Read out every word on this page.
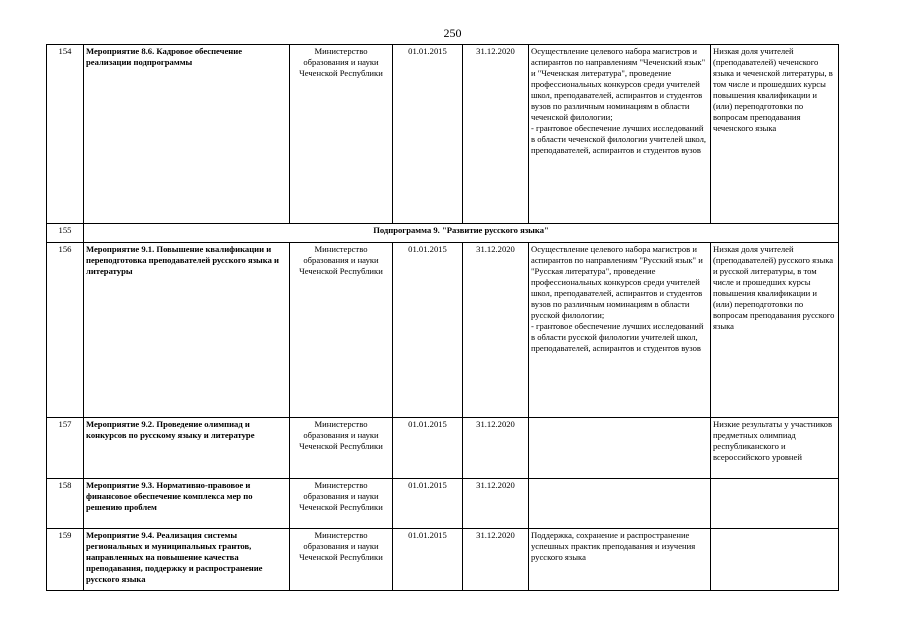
250
154	Мероприятие 8.6. Кадровое обеспечение реализации подпрограммы	Министерство образования и науки Чеченской Республики	01.01.2015	31.12.2020	Осуществление целевого набора магистров и аспирантов по направлениям "Чеченский язык" и "Чеченская литература", проведение профессиональных конкурсов среди учителей школ, преподавателей, аспирантов и студентов вузов по различным номинациям в области чеченской филологии;
- грантовое обеспечение лучших исследований в области чеченской филологии учителей школ, преподавателей, аспирантов и студентов вузов	Низкая доля учителей (преподавателей) чеченского языка и чеченской литературы, в том числе и прошедших курсы повышения квалификации и (или) переподготовки по вопросам преподавания чеченского языка
155	Подпрограмма 9. "Развитие русского языка"					
156	Мероприятие 9.1. Повышение квалификации и переподготовка преподавателей русского языка и литературы	Министерство образования и науки Чеченской Республики	01.01.2015	31.12.2020	Осуществление целевого набора магистров и аспирантов по направлениям "Русский язык" и "Русская литература", проведение профессиональных конкурсов среди учителей школ, преподавателей, аспирантов и студентов вузов по различным номинациям в области русской филологии;
- грантовое обеспечение лучших исследований в области русской филологии учителей школ, преподавателей, аспирантов и студентов вузов	Низкая доля учителей (преподавателей) русского языка и русской литературы, в том числе и прошедших курсы повышения квалификации и (или) переподготовки по вопросам преподавания русского языка
157	Мероприятие 9.2. Проведение олимпиад и конкурсов по русскому языку и литературе	Министерство образования и науки Чеченской Республики	01.01.2015	31.12.2020		Низкие результаты у участников предметных олимпиад республиканского и всероссийского уровней
158	Мероприятие 9.3. Нормативно-правовое и финансовое обеспечение комплекса мер по решению проблем	Министерство образования и науки Чеченской Республики	01.01.2015	31.12.2020		
159	Мероприятие 9.4. Реализация системы региональных и муниципальных грантов, направленных на повышение качества преподавания, поддержку и распространение русского языка	Министерство образования и науки Чеченской Республики	01.01.2015	31.12.2020	Поддержка, сохранение и распространение успешных практик преподавания и изучения русского языка	
